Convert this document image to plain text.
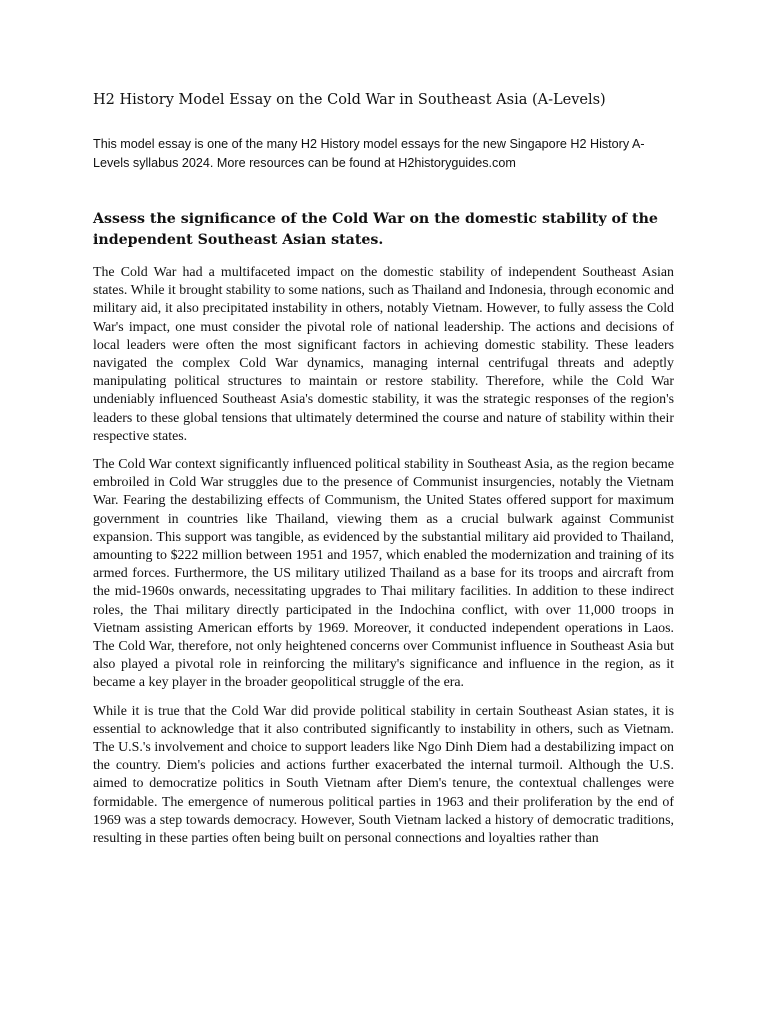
H2 History Model Essay on the Cold War in Southeast Asia (A-Levels)
This model essay is one of the many H2 History model essays for the new Singapore H2 History A-Levels syllabus 2024. More resources can be found at H2historyguides.com
Assess the significance of the Cold War on the domestic stability of the independent Southeast Asian states.

The Cold War had a multifaceted impact on the domestic stability of independent Southeast Asian states. While it brought stability to some nations, such as Thailand and Indonesia, through economic and military aid, it also precipitated instability in others, notably Vietnam. However, to fully assess the Cold War's impact, one must consider the pivotal role of national leadership. The actions and decisions of local leaders were often the most significant factors in achieving domestic stability. These leaders navigated the complex Cold War dynamics, managing internal centrifugal threats and adeptly manipulating political structures to maintain or restore stability. Therefore, while the Cold War undeniably influenced Southeast Asia's domestic stability, it was the strategic responses of the region's leaders to these global tensions that ultimately determined the course and nature of stability within their respective states.

The Cold War context significantly influenced political stability in Southeast Asia, as the region became embroiled in Cold War struggles due to the presence of Communist insurgencies, notably the Vietnam War. Fearing the destabilizing effects of Communism, the United States offered support for maximum government in countries like Thailand, viewing them as a crucial bulwark against Communist expansion. This support was tangible, as evidenced by the substantial military aid provided to Thailand, amounting to $222 million between 1951 and 1957, which enabled the modernization and training of its armed forces. Furthermore, the US military utilized Thailand as a base for its troops and aircraft from the mid-1960s onwards, necessitating upgrades to Thai military facilities. In addition to these indirect roles, the Thai military directly participated in the Indochina conflict, with over 11,000 troops in Vietnam assisting American efforts by 1969. Moreover, it conducted independent operations in Laos. The Cold War, therefore, not only heightened concerns over Communist influence in Southeast Asia but also played a pivotal role in reinforcing the military's significance and influence in the region, as it became a key player in the broader geopolitical struggle of the era.

While it is true that the Cold War did provide political stability in certain Southeast Asian states, it is essential to acknowledge that it also contributed significantly to instability in others, such as Vietnam. The U.S.'s involvement and choice to support leaders like Ngo Dinh Diem had a destabilizing impact on the country. Diem's policies and actions further exacerbated the internal turmoil. Although the U.S. aimed to democratize politics in South Vietnam after Diem's tenure, the contextual challenges were formidable. The emergence of numerous political parties in 1963 and their proliferation by the end of 1969 was a step towards democracy. However, South Vietnam lacked a history of democratic traditions, resulting in these parties often being built on personal connections and loyalties rather than
